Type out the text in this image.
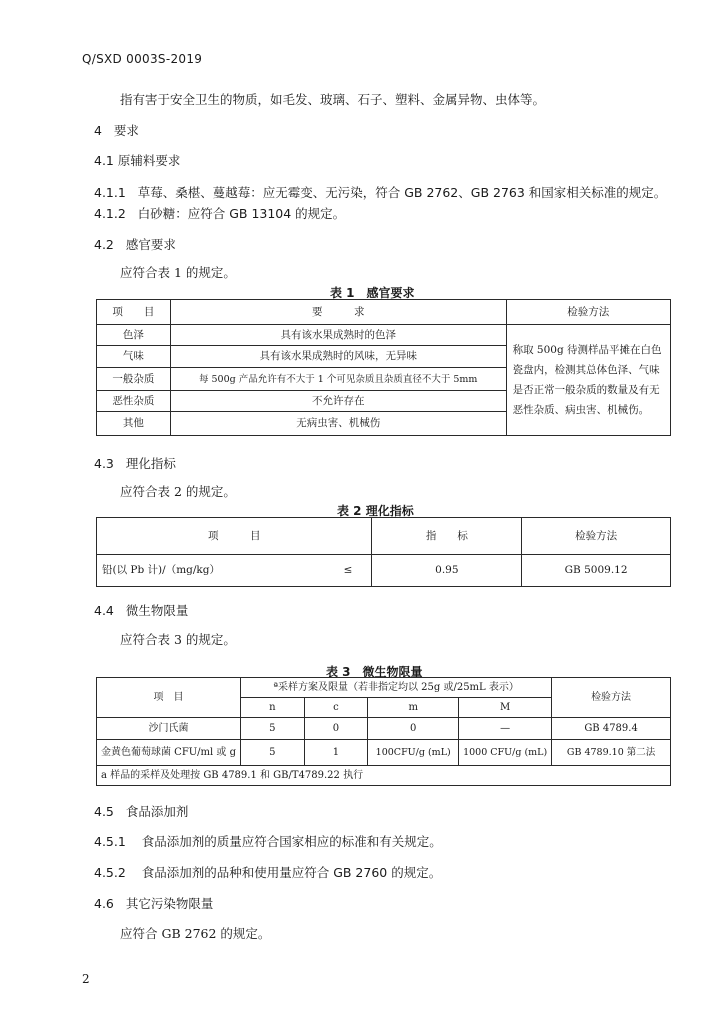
Q/SXD 0003S-2019
指有害于安全卫生的物质，如毛发、玻璃、石子、塑料、金属异物、虫体等。
4 要求
4.1 原辅料要求
4.1.1 草莓、桑椹、蔓越莓：应无霉变、无污染，符合 GB 2762、GB 2763 和国家相关标准的规定。
4.1.2 白砂糖：应符合 GB 13104 的规定。
4.2 感官要求
应符合表 1 的规定。
表 1　感官要求
项　　目	要　　　求	检验方法
色泽	具有该水果成熟时的色泽	称取 500g 待测样品平摊在白色
瓷盘内，检测其总体色泽、气味
是否正常一般杂质的数量及有无
恶性杂质、病虫害、机械伤。

气味	具有该水果成熟时的风味，无异味	
一般杂质	每 500g 产品允许有不大于 1 个可见杂质且杂质直径不大于 5mm	
恶性杂质	不允许存在	
其他	无病虫害、机械伤	
4.3 理化指标
应符合表 2 的规定。
表 2 理化指标
项　　　目	指　　标	检验方法
铅(以 Pb 计)/（mg/kg） ≤	0.95	GB 5009.12
4.4 微生物限量
应符合表 3 的规定。
表 3　微生物限量
项　目	ª采样方案及限量（若非指定均以 25g 或/25mL 表示）				检验方法
	n	c	m	M	
沙门氏菌	5	0	0	—	GB 4789.4
金黄色葡萄球菌 CFU/ml 或 g	5	1	100CFU/g (mL)	1000 CFU/g (mL)	GB 4789.10 第二法
a 样品的采样及处理按 GB 4789.1 和 GB/T4789.22 执行					
4.5 食品添加剂
4.5.1 食品添加剂的质量应符合国家相应的标准和有关规定。
4.5.2 食品添加剂的品种和使用量应符合 GB 2760 的规定。
4.6 其它污染物限量
应符合 GB 2762 的规定。
2
